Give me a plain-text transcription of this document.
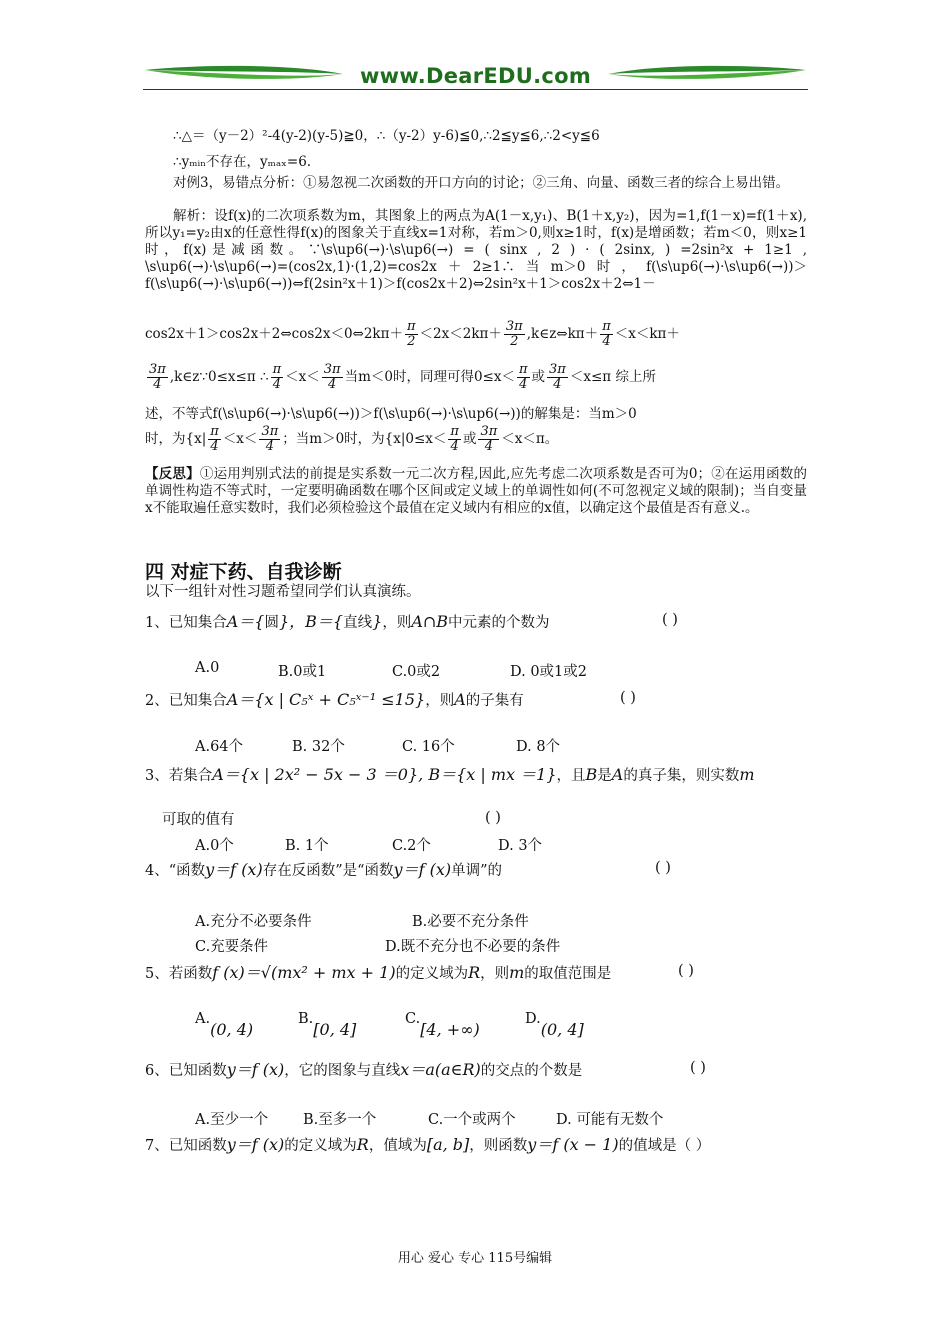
www.DearEDU.com
∴△＝（y－2）²-4(y-2)(y-5)≧0，∴（y-2）y-6)≦0,∴2≦y≦6,∴2<y≦6
∴yₘᵢₙ不存在，yₘₐₓ=6.
对例3，易错点分析：①易忽视二次函数的开口方向的讨论；②三角、向量、函数三者的综合上易出错。
解析：设f(x)的二次项系数为m，其图象上的两点为A(1－x,y₁)、B(1＋x,y₂)，因为=1,f(1－x)=f(1＋x),所以y₁=y₂由x的任意性得f(x)的图象关于直线x=1对称，若m＞0,则x≥1时，f(x)是增函数；若m＜0，则x≥1时，f(x)是减函数。∵\s\up6(→)·\s\up6(→) = ( sinx , 2 ) · ( 2sinx, ) =2sin²x + 1≥1 , \s\up6(→)·\s\up6(→)=(cos2x,1)·(1,2)=cos2x＋2≥1∴当m＞0时，f(\s\up6(→)·\s\up6(→))＞f(\s\up6(→)·\s\up6(→))⇔f(2sin²x＋1)＞f(cos2x＋2)⇔2sin²x＋1＞cos2x＋2⇔1－
cos2x＋1＞cos2x＋2⇔cos2x＜0⇔2kπ＋ $\frac{\pi}{2} <2x<2k\pi+ \frac{3\pi}{2}$ ,k∈z⇔kπ＋ $\frac{\pi}{4} <x<k\pi+$
$\frac{3\pi}{4}$ ,k∈z∵0≤x≤π ∴ $\frac{\pi}{4} <x< \frac{3\pi}{4}$ 当m＜0时，同理可得$0\le x< \frac{\pi}{4}$ 或 $\frac{3\pi}{4} <x\le\pi$ 综上所
述，不等式f(\s\up6(→)·\s\up6(→))＞f(\s\up6(→)·\s\up6(→))的解集是：当m＞0
时，为{$x| \frac{\pi}{4} <x< \frac{3\pi}{4}$ ；当m＞0时，为{$x|0\le x< \frac{\pi}{4}$ 或 $\frac{3\pi}{4} <x<\pi$。
【反思】①运用判别式法的前提是实系数一元二次方程,因此,应先考虑二次项系数是否可为0；②在运用函数的单调性构造不等式时，一定要明确函数在哪个区间或定义域上的单调性如何(不可忽视定义域的限制)；当自变量x不能取遍任意实数时，我们必须检验这个最值在定义域内有相应的x值，以确定这个最值是否有意义.。
四 对症下药、自我诊断
以下一组针对性习题希望同学们认真演练。
1、已知集合A＝{圆}，B＝{直线}，则A∩B中元素的个数为	( )
A.0	B.0或1	C.0或2	D. 0或1或2
2、已知集合A＝{x | C₅ˣ + C₅ˣ⁻¹ ≤15}，则A的子集有	( )
A.64个	B. 32个	C. 16个	D. 8个
3、若集合A＝{x | 2x² − 5x − 3 ＝0}, B＝{x | mx ＝1}，且B是A的真子集，则实数m
可取的值有	( )
A.0个	B. 1个	C.2个	D. 3个
4、“函数y＝f (x)存在反函数”是“函数y＝f (x)单调”的	( )
A.充分不必要条件	B.必要不充分条件
C.充要条件	D.既不充分也不必要的条件
5、若函数f (x)＝√(mx² + mx + 1)的定义域为R，则m的取值范围是	( )
A.(0, 4)
B.[0, 4]
C.[4, +∞)
D.(0, 4]
6、已知函数y＝f (x)，它的图象与直线x＝a(a∈R)的交点的个数是	( )
A.至少一个 B.至多一个	C.一个或两个	D. 可能有无数个
7、已知函数y＝f (x)的定义域为R，值域为[a, b]，则函数y＝f (x − 1)的值域是（ ）
用心 爱心 专心 115号编辑
